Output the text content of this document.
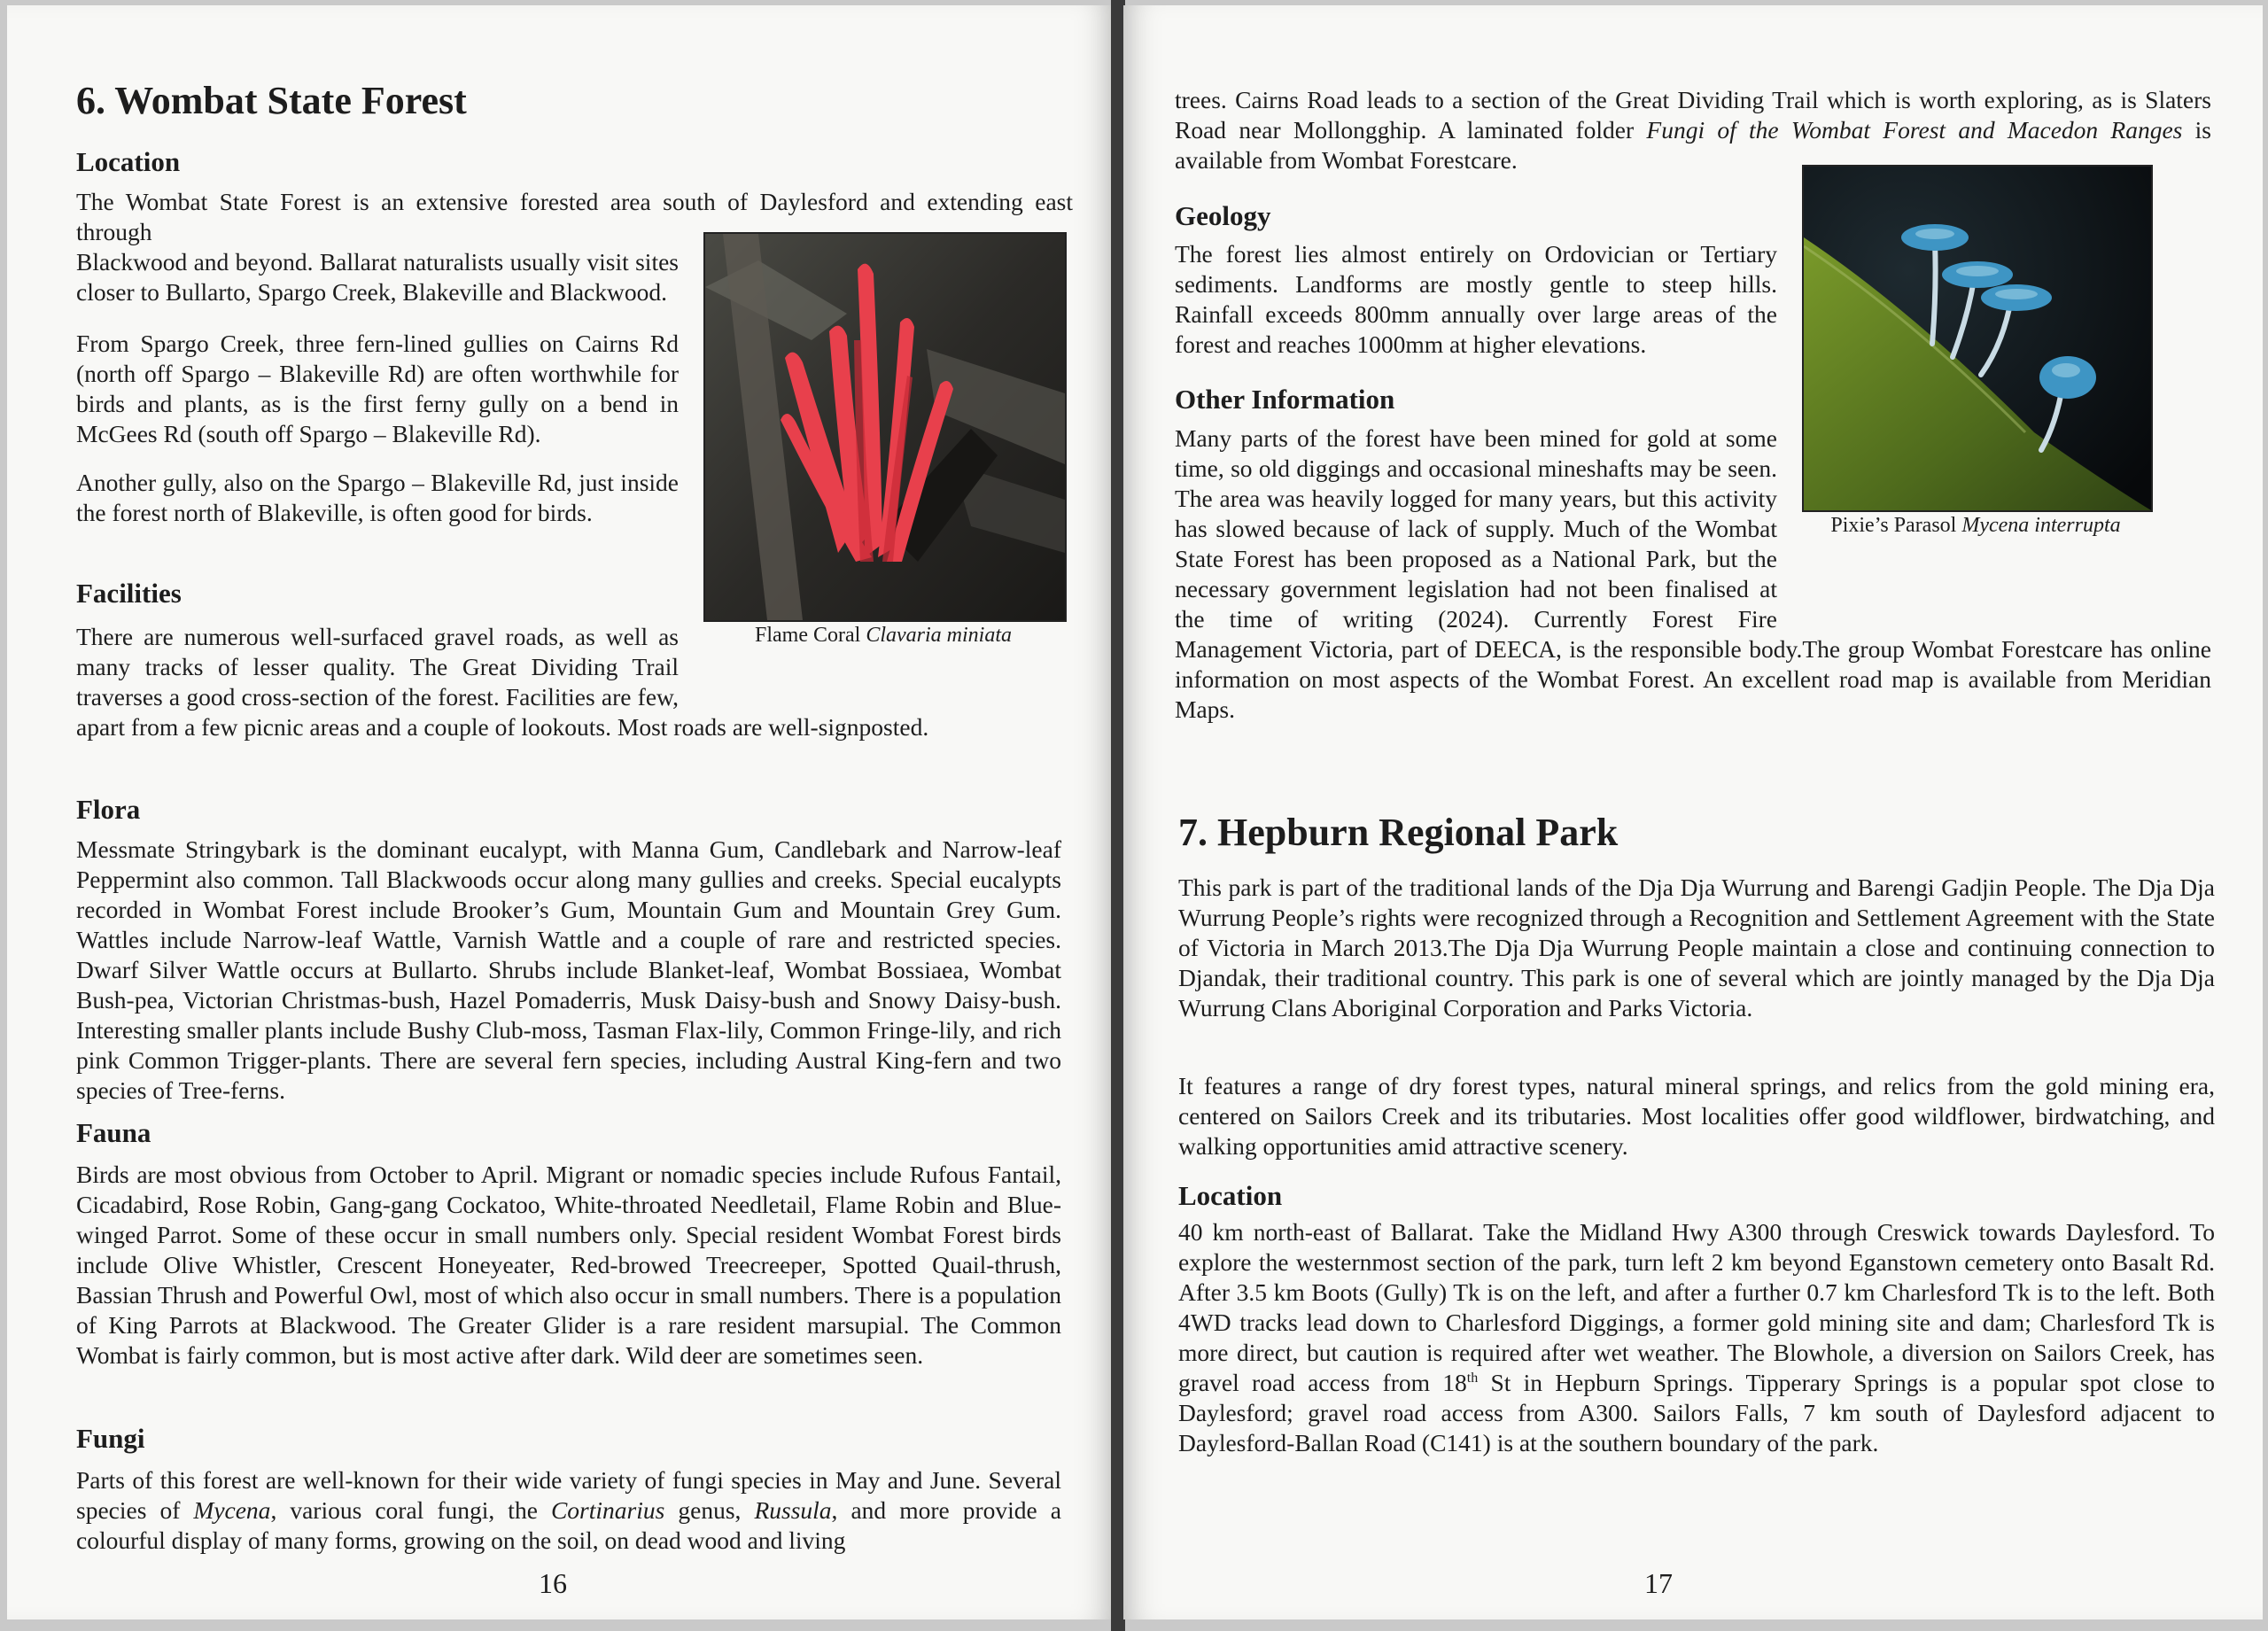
6. Wombat State Forest
Location

The Wombat State Forest is an extensive forested area south of Daylesford and extending east through
Blackwood and beyond. Ballarat naturalists usually visit sites
closer to Bullarto, Spargo Creek, Blakeville and Blackwood.

Flame Coral Clavaria miniata

From Spargo Creek, three fern-lined gullies on Cairns Rd (north off Spargo – Blakeville Rd) are often worthwhile for birds and plants, as is the first ferny gully on a bend in McGees Rd (south off Spargo – Blakeville Rd).

Another gully, also on the Spargo – Blakeville Rd, just inside the forest north of Blakeville, is often good for birds.

Facilities

There are numerous well-surfaced gravel roads, as well as
many tracks of lesser quality. The Great Dividing Trail
traverses a good cross-section of the forest. Facilities are few,
apart from a few picnic areas and a couple of lookouts. Most roads are well-signposted.

Flora

Messmate Stringybark is the dominant eucalypt, with Manna Gum, Candlebark and Narrow-leaf Peppermint also common. Tall Blackwoods occur along many gullies and creeks. Special eucalypts recorded in Wombat Forest include Brooker’s Gum, Mountain Gum and Mountain Grey Gum. Wattles include Narrow-leaf Wattle, Varnish Wattle and a couple of rare and restricted species. Dwarf Silver Wattle occurs at Bullarto. Shrubs include Blanket-leaf, Wombat Bossiaea, Wombat Bush-pea, Victorian Christmas-bush, Hazel Pomaderris, Musk Daisy-bush and Snowy Daisy-bush. Interesting smaller plants include Bushy Club-moss, Tasman Flax-lily, Common Fringe-lily, and rich pink Common Trigger-plants. There are several fern species, including Austral King-fern and two species of Tree-ferns.

Fauna

Birds are most obvious from October to April. Migrant or nomadic species include Rufous Fantail, Cicadabird, Rose Robin, Gang-gang Cockatoo, White-throated Needletail, Flame Robin and Blue-winged Parrot. Some of these occur in small numbers only. Special resident Wombat Forest birds include Olive Whistler, Crescent Honeyeater, Red-browed Treecreeper, Spotted Quail-thrush, Bassian Thrush and Powerful Owl, most of which also occur in small numbers. There is a population of King Parrots at Blackwood. The Greater Glider is a rare resident marsupial. The Common Wombat is fairly common, but is most active after dark. Wild deer are sometimes seen.

Fungi

Parts of this forest are well-known for their wide variety of fungi species in May and June. Several species of Mycena, various coral fungi, the Cortinarius genus, Russula, and more provide a colourful display of many forms, growing on the soil, on dead wood and living

16

trees. Cairns Road leads to a section of the Great Dividing Trail which is worth exploring, as is Slaters Road near Mollongghip. A laminated folder Fungi of the Wombat Forest and Macedon Ranges is available from Wombat Forestcare.

Pixie’s Parasol Mycena interrupta
Geology

The forest lies almost entirely on Ordovician or Tertiary sediments. Landforms are mostly gentle to steep hills. Rainfall exceeds 800mm annually over large areas of the forest and reaches 1000mm at higher elevations.

Other Information

Many parts of the forest have been mined for gold at some
time, so old diggings and occasional mineshafts may be seen.
The area was heavily logged for many years, but this activity
has slowed because of lack of supply. Much of the Wombat
State Forest has been proposed as a National Park, but the
necessary government legislation had not been finalised at
the time of writing (2024). Currently Forest Fire
Management Victoria, part of DEECA, is the responsible body.The group Wombat Forestcare has online
information on most aspects of the Wombat Forest. An excellent road map is available from Meridian
Maps.

7. Hepburn Regional Park

This park is part of the traditional lands of the Dja Dja Wurrung and Barengi Gadjin People. The Dja Dja Wurrung People’s rights were recognized through a Recognition and Settlement Agreement with the State of Victoria in March 2013.The Dja Dja Wurrung People maintain a close and continuing connection to Djandak, their traditional country. This park is one of several which are jointly managed by the Dja Dja Wurrung Clans Aboriginal Corporation and Parks Victoria.

It features a range of dry forest types, natural mineral springs, and relics from the gold mining era, centered on Sailors Creek and its tributaries. Most localities offer good wildflower, birdwatching, and walking opportunities amid attractive scenery.

Location

40 km north-east of Ballarat. Take the Midland Hwy A300 through Creswick towards Daylesford. To explore the westernmost section of the park, turn left 2 km beyond Eganstown cemetery onto Basalt Rd. After 3.5 km Boots (Gully) Tk is on the left, and after a further 0.7 km Charlesford Tk is to the left. Both 4WD tracks lead down to Charlesford Diggings, a former gold mining site and dam; Charlesford Tk is more direct, but caution is required after wet weather. The Blowhole, a diversion on Sailors Creek, has gravel road access from 18th St in Hepburn Springs. Tipperary Springs is a popular spot close to Daylesford; gravel road access from A300. Sailors Falls, 7 km south of Daylesford adjacent to Daylesford-Ballan Road (C141) is at the southern boundary of the park.

17
